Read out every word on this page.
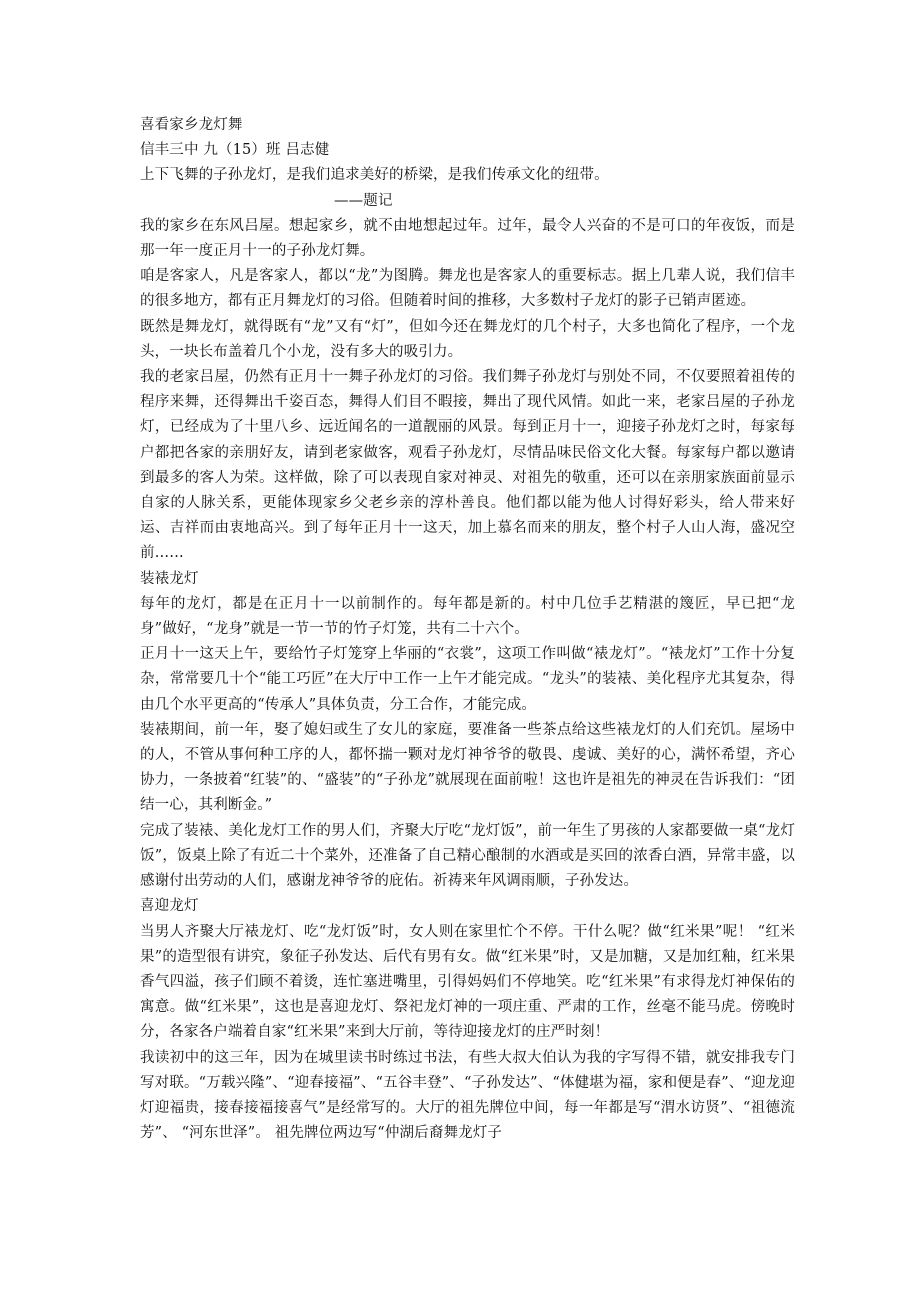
喜看家乡龙灯舞

信丰三中 九（15）班 吕志健

上下飞舞的子孙龙灯，是我们追求美好的桥梁，是我们传承文化的纽带。

——题记

我的家乡在东风吕屋。想起家乡，就不由地想起过年。过年，最令人兴奋的不是可口的年夜饭，而是那一年一度正月十一的子孙龙灯舞。

咱是客家人，凡是客家人，都以“龙”为图腾。舞龙也是客家人的重要标志。据上几辈人说，我们信丰的很多地方，都有正月舞龙灯的习俗。但随着时间的推移，大多数村子龙灯的影子已销声匿迹。

既然是舞龙灯，就得既有“龙”又有“灯”，但如今还在舞龙灯的几个村子，大多也简化了程序，一个龙头，一块长布盖着几个小龙，没有多大的吸引力。

我的老家吕屋，仍然有正月十一舞子孙龙灯的习俗。我们舞子孙龙灯与别处不同，不仅要照着祖传的程序来舞，还得舞出千姿百态，舞得人们目不暇接，舞出了现代风情。如此一来，老家吕屋的子孙龙灯，已经成为了十里八乡、远近闻名的一道靓丽的风景。每到正月十一，迎接子孙龙灯之时，每家每户都把各家的亲朋好友，请到老家做客，观看子孙龙灯，尽情品味民俗文化大餐。每家每户都以邀请到最多的客人为荣。这样做，除了可以表现自家对神灵、对祖先的敬重，还可以在亲朋家族面前显示自家的人脉关系，更能体现家乡父老乡亲的淳朴善良。他们都以能为他人讨得好彩头，给人带来好运、吉祥而由衷地高兴。到了每年正月十一这天，加上慕名而来的朋友，整个村子人山人海，盛况空前……

装裱龙灯

每年的龙灯，都是在正月十一以前制作的。每年都是新的。村中几位手艺精湛的篾匠，早已把“龙身”做好，“龙身”就是一节一节的竹子灯笼，共有二十六个。

正月十一这天上午，要给竹子灯笼穿上华丽的“衣裳”，这项工作叫做“裱龙灯”。“裱龙灯”工作十分复杂，常常要几十个“能工巧匠”在大厅中工作一上午才能完成。“龙头”的装裱、美化程序尤其复杂，得由几个水平更高的“传承人”具体负责，分工合作，才能完成。

装裱期间，前一年，娶了媳妇或生了女儿的家庭，要准备一些茶点给这些裱龙灯的人们充饥。屋场中的人，不管从事何种工序的人，都怀揣一颗对龙灯神爷爷的敬畏、虔诚、美好的心，满怀希望，齐心协力，一条披着“红装”的、“盛装”的“子孙龙”就展现在面前啦！这也许是祖先的神灵在告诉我们：“团结一心，其利断金。”

完成了装裱、美化龙灯工作的男人们，齐聚大厅吃“龙灯饭”，前一年生了男孩的人家都要做一桌“龙灯饭”，饭桌上除了有近二十个菜外，还准备了自己精心酿制的水酒或是买回的浓香白酒，异常丰盛，以感谢付出劳动的人们，感谢龙神爷爷的庇佑。祈祷来年风调雨顺，子孙发达。

喜迎龙灯

当男人齐聚大厅裱龙灯、吃“龙灯饭”时，女人则在家里忙个不停。干什么呢？做“红米果”呢！ “红米果”的造型很有讲究，象征子孙发达、后代有男有女。做“红米果”时，又是加糖，又是加红釉，红米果香气四溢，孩子们顾不着烫，连忙塞进嘴里，引得妈妈们不停地笑。吃“红米果”有求得龙灯神保佑的寓意。做“红米果”，这也是喜迎龙灯、祭祀龙灯神的一项庄重、严肃的工作，丝毫不能马虎。傍晚时分，各家各户端着自家“红米果”来到大厅前，等待迎接龙灯的庄严时刻！

我读初中的这三年，因为在城里读书时练过书法，有些大叔大伯认为我的字写得不错，就安排我专门写对联。“万载兴隆”、“迎春接福”、“五谷丰登”、“子孙发达”、“体健堪为福，家和便是春”、“迎龙迎灯迎福贵，接春接福接喜气”是经常写的。大厅的祖先牌位中间，每一年都是写“渭水访贤”、“祖德流芳”、 “河东世泽”。 祖先牌位两边写“仲湖后裔舞龙灯子
